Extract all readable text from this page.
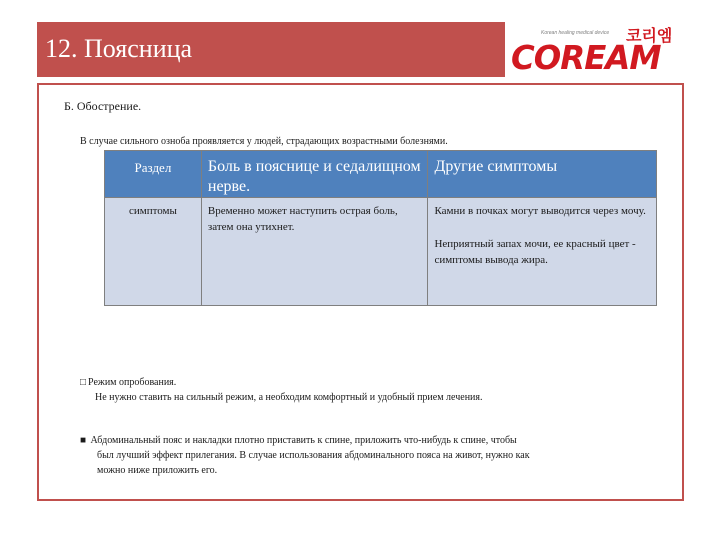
12. Поясница
Korean healing medical device 코리엠
COREAM
Б. Обострение.
В случае сильного озноба проявляется у людей, страдающих возрастными болезнями.
Раздел	Боль в пояснице и седалищном нерве.	Другие симптомы
симптомы	Временно может наступить острая боль, затем она утихнет.	Камни в почках могут выводится через мочу.
Неприятный запах мочи, ее красный цвет - симптомы вывода жира.
□ Режим опробования.
Не нужно ставить на сильный режим, а необходим комфортный и удобный прием лечения.
■ Абдоминальный пояс и накладки плотно приставить к спине, приложить что-нибудь к спине, чтобы
был лучший эффект прилегания. В случае использования абдоминального пояса на живот, нужно как
можно ниже приложить его.
